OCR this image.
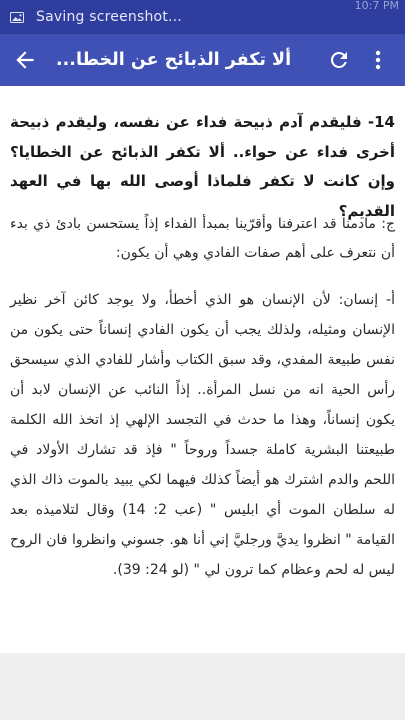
Saving screenshot...
10:7 PM
ألا تكفر الذبائح عن الخطا...

14- فليقدم آدم ذبيحة فداء عن نفسه، وليقدم ذبيحة أخرى فداء عن حواء.. ألا تكفر الذبائح عن الخطايا؟ وإن كانت لا تكفر فلماذا أوصى الله بها في العهد القديم؟

ج: مادمنا قد اعترفنا وأقرّينا بمبدأ الفداء إذاً يستحسن بادئ ذي بدء أن نتعرف على أهم صفات الفادي وهي أن يكون:

أ- إنسان: لأن الإنسان هو الذي أخطأ، ولا يوجد كائن آخر نظير الإنسان ومثيله، ولذلك يجب أن يكون الفادي إنساناً حتى يكون من نفس طبيعة المفدي، وقد سبق الكتاب وأشار للفادي الذي سيسحق رأس الحية انه من نسل المرأة.. إذاً النائب عن الإنسان لابد أن يكون إنساناً، وهذا ما حدث في التجسد الإلهي إذ اتخذ الله الكلمة طبيعتنا البشرية كاملة جسداً وروحاً " فإذ قد تشارك الأولاد في اللحم والدم اشترك هو أيضاً كذلك فيهما لكي يبيد بالموت ذاك الذي له سلطان الموت أي ابليس " (عب 2: 14) وقال لتلاميذه بعد القيامة " انظروا يديَّ ورجليَّ إني أنا هو. جسوني وانظروا فان الروح ليس له لحم وعظام كما ترون لي " (لو 24: 39).
